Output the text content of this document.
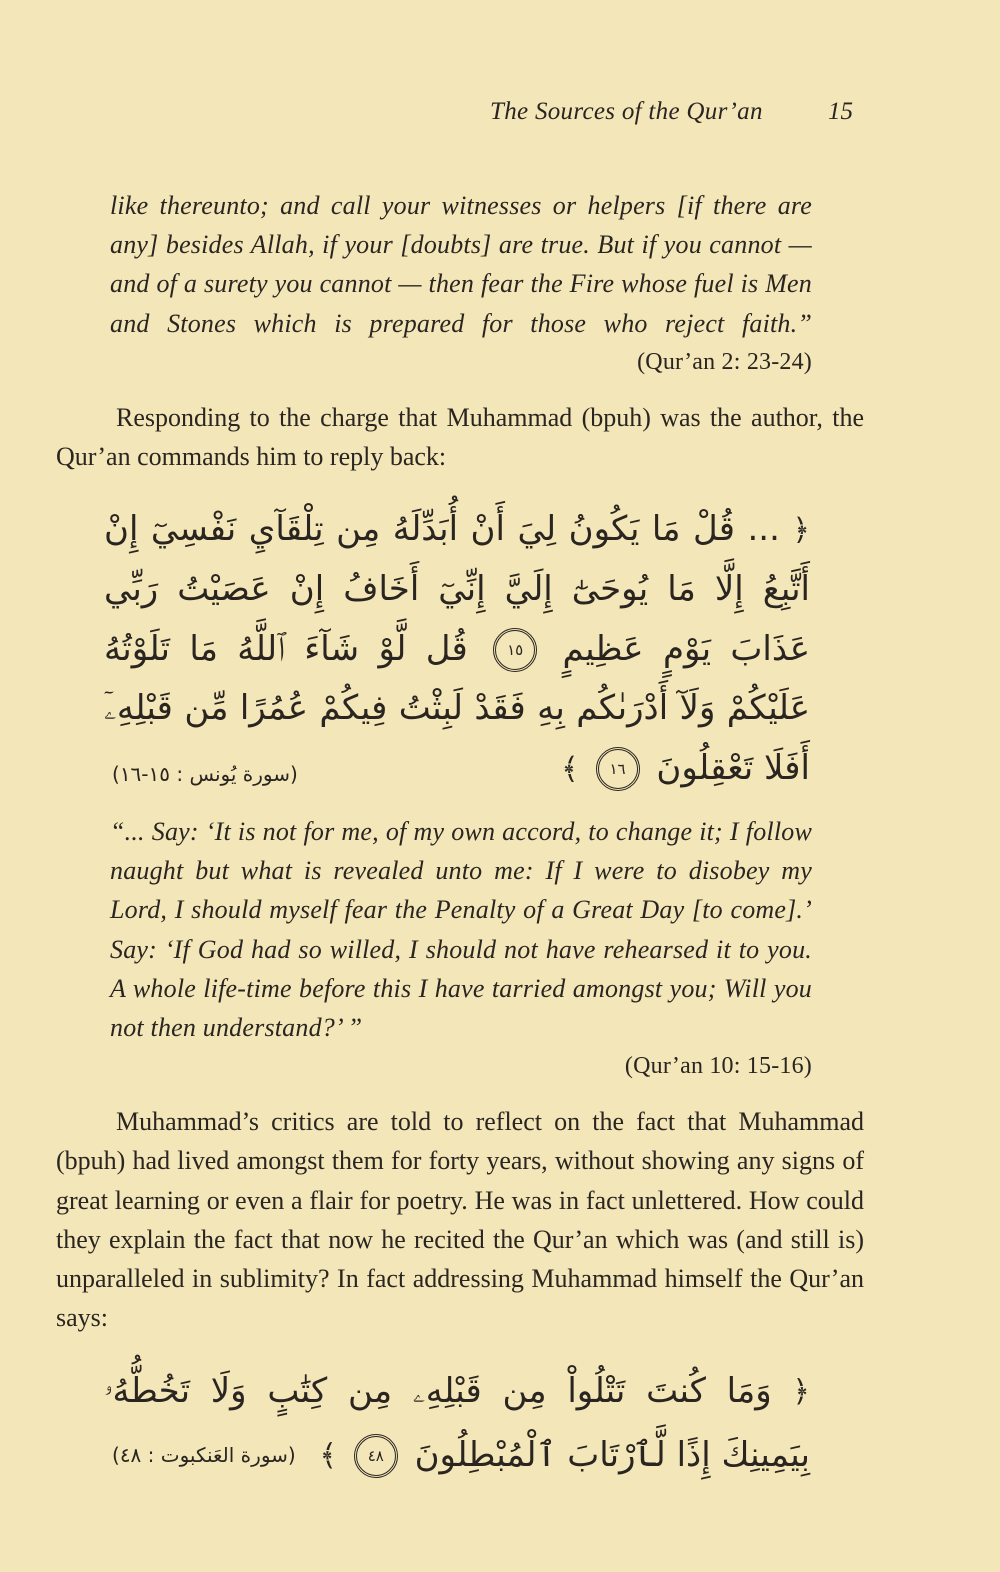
The Sources of the Qur’an	15
like thereunto; and call your witnesses or helpers [if there are any] besides Allah, if your [doubts] are true. But if you cannot — and of a surety you cannot — then fear the Fire whose fuel is Men and Stones which is prepared for those who reject faith.”
(Qur’an 2: 23-24)
Responding to the charge that Muhammad (bpuh) was the author, the Qur’an commands him to reply back:
﴿ ... قُلْ مَا يَكُونُ لِيَ أَنْ أُبَدِّلَهُ مِن تِلْقَآيِ نَفْسِيٓ إِنْ أَتَّبِعُ إِلَّا مَا يُوحَىٰٓ إِلَيَّ إِنِّيٓ أَخَافُ إِنْ عَصَيْتُ رَبِّي عَذَابَ يَوْمٍ عَظِيمٍ ١٥ قُل لَّوْ شَآءَ ٱللَّهُ مَا تَلَوْتُهُ عَلَيْكُمْ وَلَآ أَدْرَىٰكُم بِهِ فَقَدْ لَبِثْتُ فِيكُمْ عُمُرًا مِّن قَبْلِهِۦٓ أَفَلَا تَعْقِلُونَ ١٦ ﴾
(سورة يُونس : ١٥-١٦)
“... Say: ‘It is not for me, of my own accord, to change it; I follow naught but what is revealed unto me: If I were to disobey my Lord, I should myself fear the Penalty of a Great Day [to come].’ Say: ‘If God had so willed, I should not have rehearsed it to you. A whole life-time before this I have tarried amongst you; Will you not then understand?’ ”
(Qur’an 10: 15-16)
Muhammad’s critics are told to reflect on the fact that Muhammad (bpuh) had lived amongst them for forty years, without showing any signs of great learning or even a flair for poetry. He was in fact unlettered. How could they explain the fact that now he recited the Qur’an which was (and still is) unparalleled in sublimity? In fact addressing Muhammad himself the Qur’an says:
﴿ وَمَا كُنتَ تَتْلُواْ مِن قَبْلِهِۦ مِن كِتَٰبٍ وَلَا تَخُطُّهُۥ بِيَمِينِكَ إِذًا لَّٱرْتَابَ ٱلْمُبْطِلُونَ ٤٨ ﴾
(سورة العَنكبوت : ٤٨)
